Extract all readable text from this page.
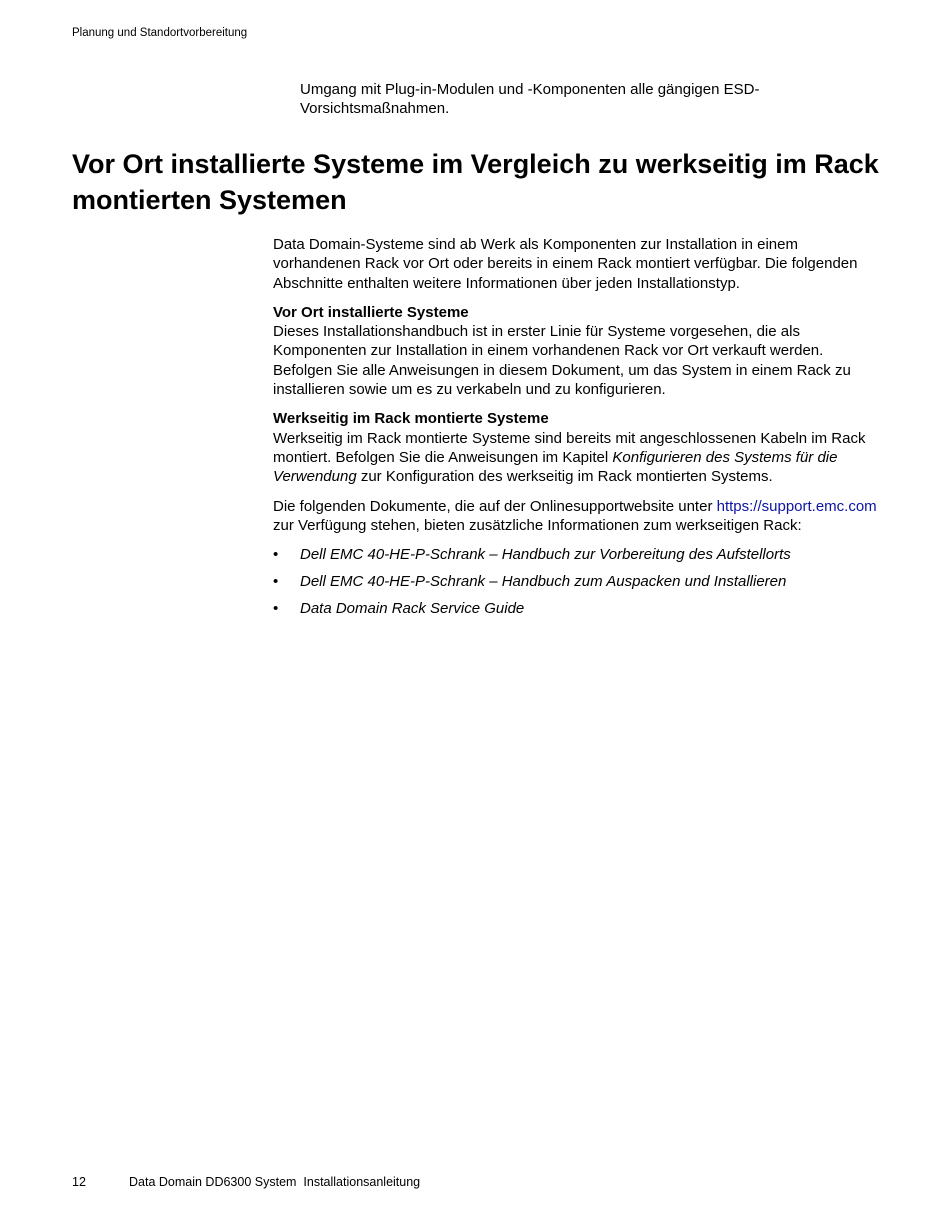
Planung und Standortvorbereitung

Umgang mit Plug-in-Modulen und -Komponenten alle gängigen ESD-Vorsichtsmaßnahmen.

Vor Ort installierte Systeme im Vergleich zu werkseitig im Rack montierten Systemen

Data Domain-Systeme sind ab Werk als Komponenten zur Installation in einem vorhandenen Rack vor Ort oder bereits in einem Rack montiert verfügbar. Die folgenden Abschnitte enthalten weitere Informationen über jeden Installationstyp.

Vor Ort installierte Systeme
Dieses Installationshandbuch ist in erster Linie für Systeme vorgesehen, die als Komponenten zur Installation in einem vorhandenen Rack vor Ort verkauft werden. Befolgen Sie alle Anweisungen in diesem Dokument, um das System in einem Rack zu installieren sowie um es zu verkabeln und zu konfigurieren.

Werkseitig im Rack montierte Systeme
Werkseitig im Rack montierte Systeme sind bereits mit angeschlossenen Kabeln im Rack montiert. Befolgen Sie die Anweisungen im Kapitel Konfigurieren des Systems für die Verwendung zur Konfiguration des werkseitig im Rack montierten Systems.

Die folgenden Dokumente, die auf der Onlinesupportwebsite unter https://support.emc.com zur Verfügung stehen, bieten zusätzliche Informationen zum werkseitigen Rack:

• Dell EMC 40-HE-P-Schrank – Handbuch zur Vorbereitung des Aufstellorts
• Dell EMC 40-HE-P-Schrank – Handbuch zum Auspacken und Installieren
• Data Domain Rack Service Guide
12	Data Domain DD6300 System Installationsanleitung
